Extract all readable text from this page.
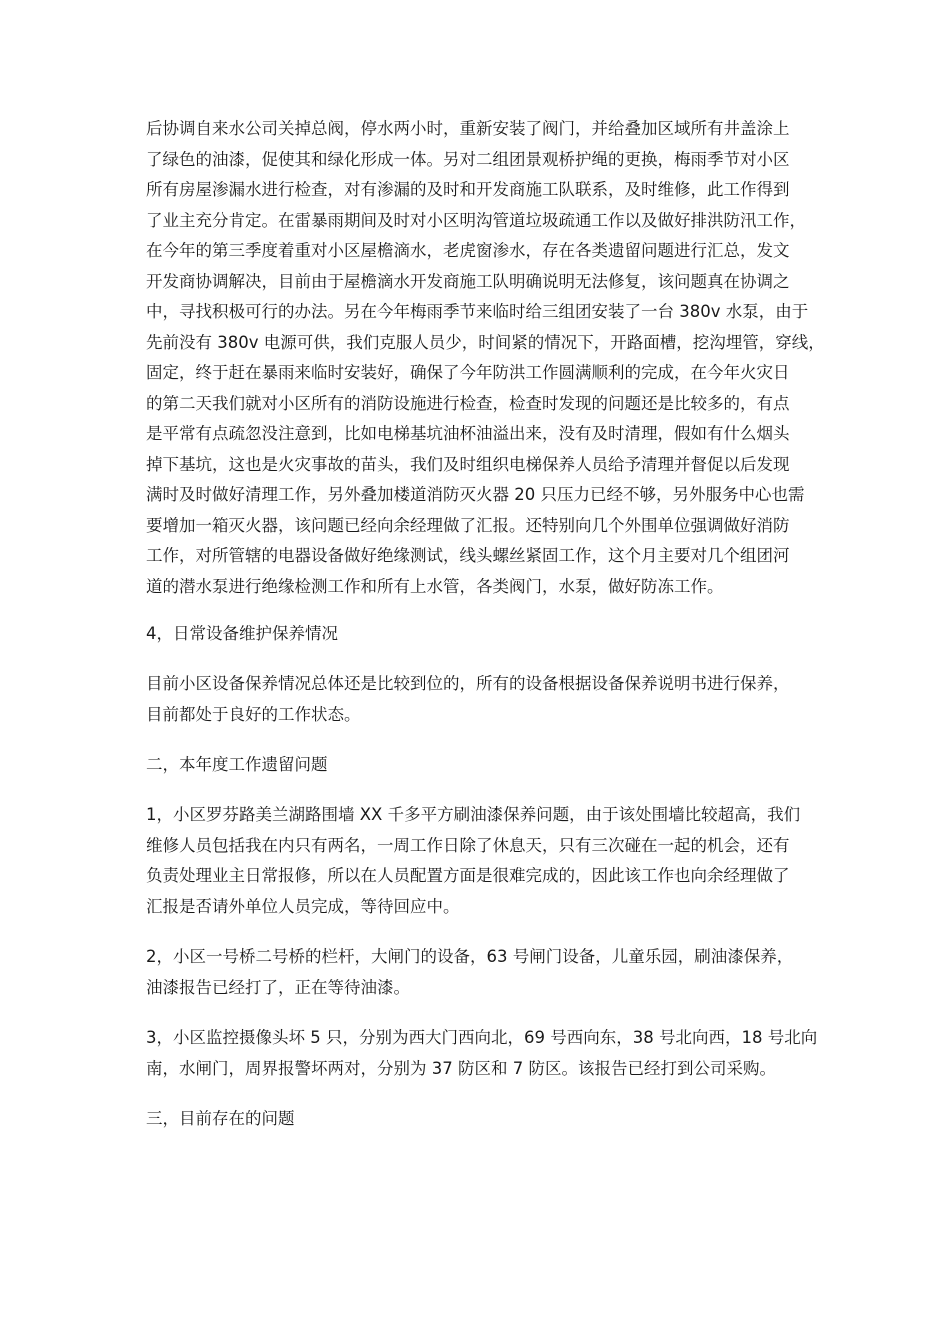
后协调自来水公司关掉总阀，停水两小时，重新安装了阀门，并给叠加区域所有井盖涂上
了绿色的油漆，促使其和绿化形成一体。另对二组团景观桥护绳的更换，梅雨季节对小区
所有房屋渗漏水进行检查，对有渗漏的及时和开发商施工队联系，及时维修，此工作得到
了业主充分肯定。在雷暴雨期间及时对小区明沟管道垃圾疏通工作以及做好排洪防汛工作，
在今年的第三季度着重对小区屋檐滴水，老虎窗渗水，存在各类遗留问题进行汇总，发文
开发商协调解决，目前由于屋檐滴水开发商施工队明确说明无法修复，该问题真在协调之
中，寻找积极可行的办法。另在今年梅雨季节来临时给三组团安装了一台 380v 水泵，由于
先前没有 380v 电源可供，我们克服人员少，时间紧的情况下，开路面槽，挖沟埋管，穿线，
固定，终于赶在暴雨来临时安装好，确保了今年防洪工作圆满顺利的完成，在今年火灾日
的第二天我们就对小区所有的消防设施进行检查，检查时发现的问题还是比较多的，有点
是平常有点疏忽没注意到，比如电梯基坑油杯油溢出来，没有及时清理，假如有什么烟头
掉下基坑，这也是火灾事故的苗头，我们及时组织电梯保养人员给予清理并督促以后发现
满时及时做好清理工作，另外叠加楼道消防灭火器 20 只压力已经不够，另外服务中心也需
要增加一箱灭火器，该问题已经向余经理做了汇报。还特别向几个外围单位强调做好消防
工作，对所管辖的电器设备做好绝缘测试，线头螺丝紧固工作，这个月主要对几个组团河
道的潜水泵进行绝缘检测工作和所有上水管，各类阀门，水泵，做好防冻工作。
4，日常设备维护保养情况
目前小区设备保养情况总体还是比较到位的，所有的设备根据设备保养说明书进行保养，
目前都处于良好的工作状态。
二，本年度工作遗留问题
1，小区罗芬路美兰湖路围墙 XX 千多平方刷油漆保养问题，由于该处围墙比较超高，我们
维修人员包括我在内只有两名，一周工作日除了休息天，只有三次碰在一起的机会，还有
负责处理业主日常报修，所以在人员配置方面是很难完成的，因此该工作也向余经理做了
汇报是否请外单位人员完成，等待回应中。
2，小区一号桥二号桥的栏杆，大闸门的设备，63 号闸门设备，儿童乐园，刷油漆保养，
油漆报告已经打了，正在等待油漆。
3，小区监控摄像头坏 5 只，分别为西大门西向北，69 号西向东，38 号北向西，18 号北向
南，水闸门，周界报警坏两对，分别为 37 防区和 7 防区。该报告已经打到公司采购。
三，目前存在的问题
